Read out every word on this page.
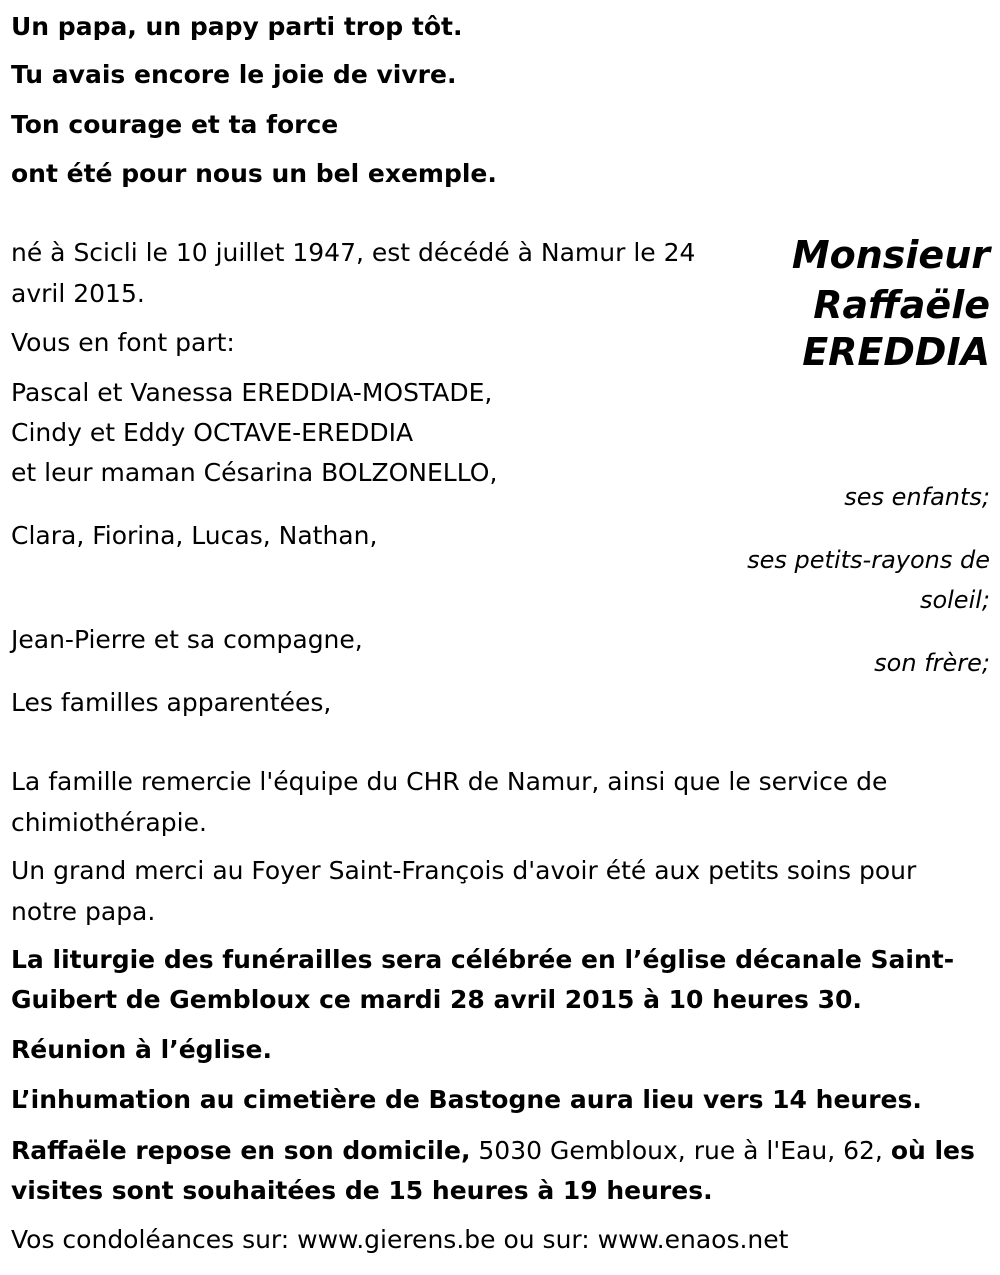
Un papa, un papy parti trop tôt.
Tu avais encore le joie de vivre.
Ton courage et ta force
ont été pour nous un bel exemple.
Monsieur
Raffaële
EREDDIA
né à Scicli le 10 juillet 1947, est décédé à Namur le 24
avril 2015.
Vous en font part:
Pascal et Vanessa EREDDIA-MOSTADE,
Cindy et Eddy OCTAVE-EREDDIA
et leur maman Césarina BOLZONELLO,
ses enfants;
Clara, Fiorina, Lucas, Nathan,
ses petits-rayons de
soleil;
Jean-Pierre et sa compagne,
son frère;
Les familles apparentées,
La famille remercie l'équipe du CHR de Namur, ainsi que le service de
chimiothérapie.
Un grand merci au Foyer Saint-François d'avoir été aux petits soins pour
notre papa.
La liturgie des funérailles sera célébrée en l’église décanale Saint-
Guibert de Gembloux ce mardi 28 avril 2015 à 10 heures 30.
Réunion à l’église.
L’inhumation au cimetière de Bastogne aura lieu vers 14 heures.
Raffaële repose en son domicile, 5030 Gembloux, rue à l'Eau, 62, où les
visites sont souhaitées de 15 heures à 19 heures.
Vos condoléances sur: www.gierens.be ou sur: www.enaos.net
